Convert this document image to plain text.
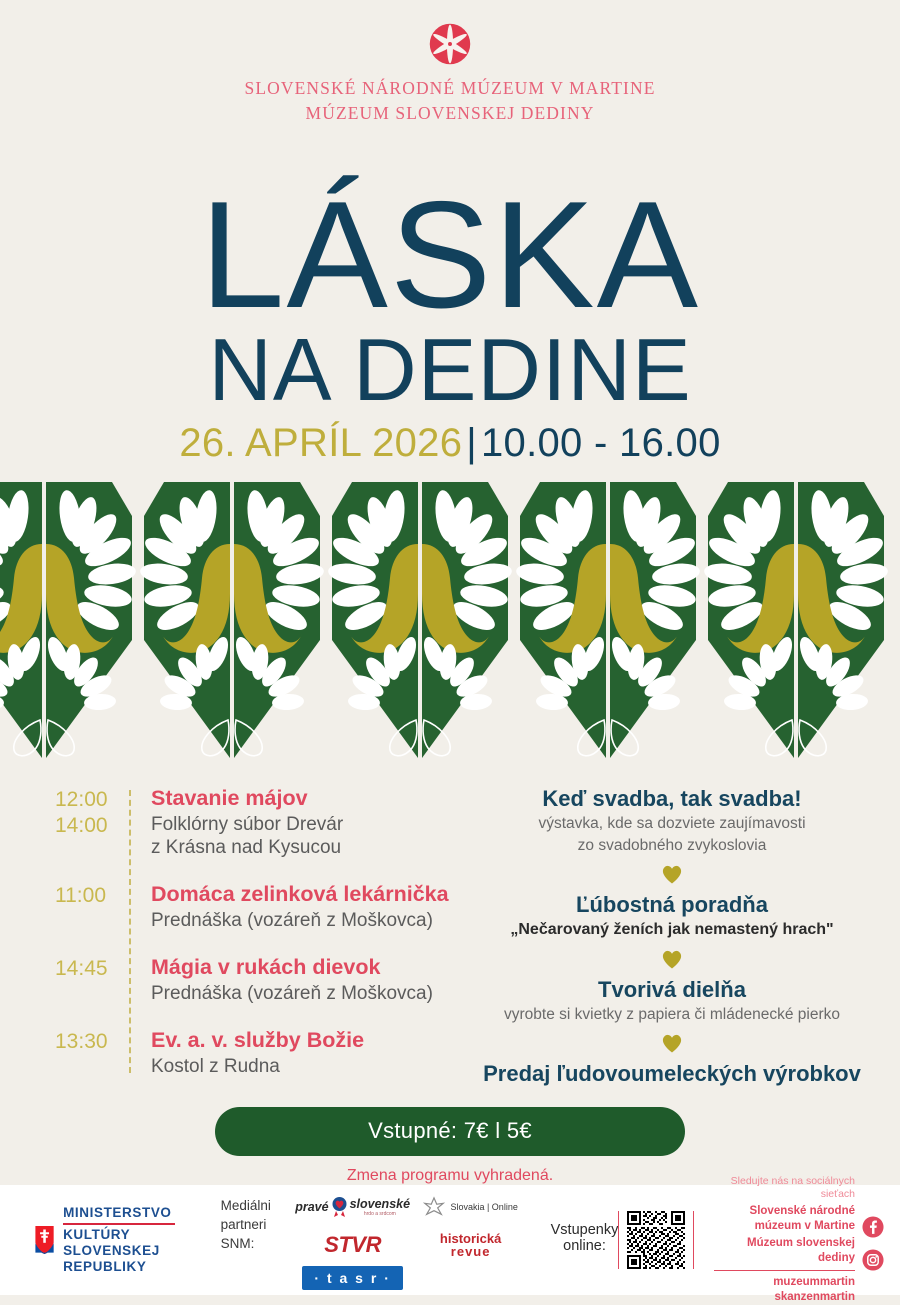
SLOVENSKÉ NÁRODNÉ MÚZEUM V MARTINE
MÚZEUM SLOVENSKEJ DEDINY
LÁSKA
NA DEDINE
26. APRÍL 2026 | 10.00 - 16.00
12:00
14:00
Stavanie májov
Folklórny súbor Drevár
z Krásna nad Kysucou
11:00	Domáca zelinková lekárnička
Prednáška (vozáreň z Moškovca)
14:45	Mágia v rukách dievok
Prednáška (vozáreň z Moškovca)
13:30	Ev. a. v. služby Božie
Kostol z Rudna
Keď svadba, tak svadba!
výstavka, kde sa dozviete zaujímavosti
zo svadobného zvykoslovia
Ľúbostná poradňa
„Nečarovaný ženích jak nemastený hrach"
Tvorivá dielňa
vyrobte si kvietky z papiera či mládenecké pierko
Predaj ľudovoumeleckých výrobkov
Vstupné: 7€ l 5€
Zmena programu vyhradená.
MINISTERSTVO
KULTÚRY
SLOVENSKEJ REPUBLIKY
Mediálni
partneri
SNM:
pravé slovenské
hrdo a srdcom
Slovakia | Online
STVR
· t a s r ·
historická
revue
Vstupenky online:
Sledujte nás na sociálnych sieťach
Slovenské národné múzeum v Martine
Múzeum slovenskej dediny
muzeummartin
skanzenmartin
